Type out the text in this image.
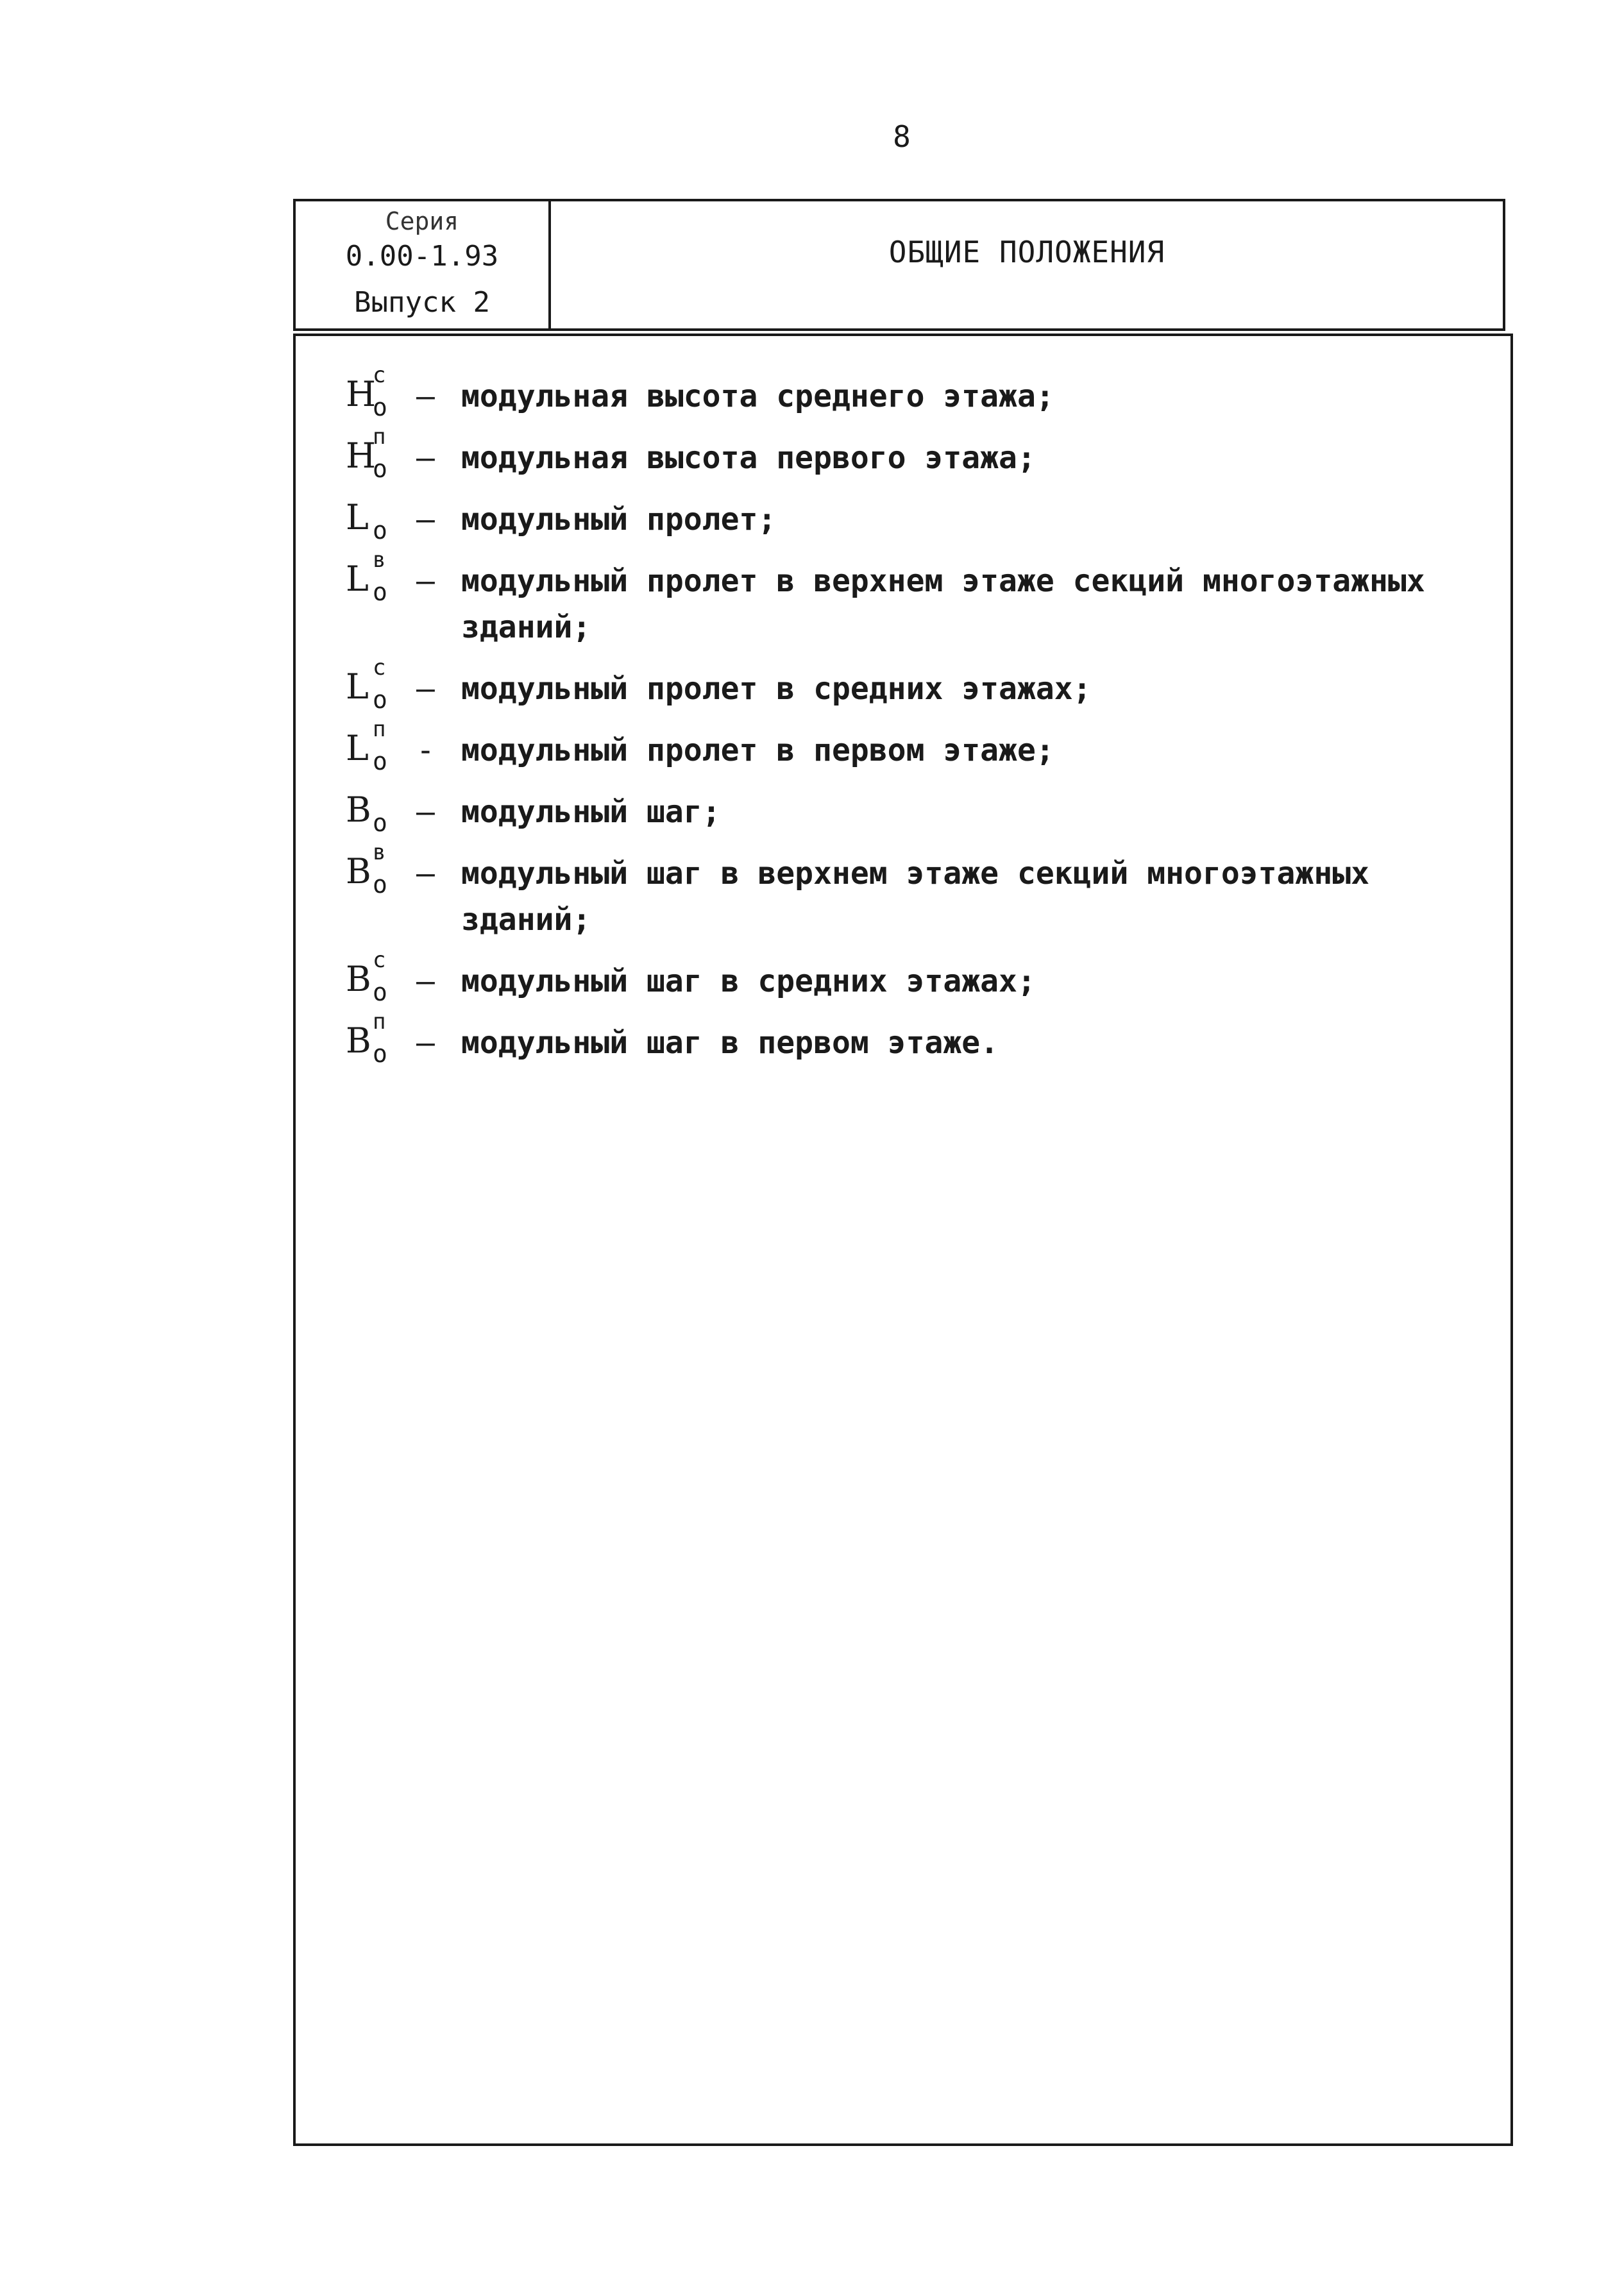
8
Серия
0.00-1.93
Выпуск 2
ОБЩИЕ ПОЛОЖЕНИЯ
H
с
о – модульная высота среднего этажа;
H
п
о – модульная высота первого этажа;
L о – модульный пролет;
L в
о – модульный пролет в верхнем этаже секций многоэтажных зданий;
L с
о – модульный пролет в средних этажах;
L п
о - модульный пролет в первом этаже;
B о – модульный шаг;
B в
о – модульный шаг в верхнем этаже секций многоэтажных зданий;
B с
о – модульный шаг в средних этажах;
B п
о – модульный шаг в первом этаже.
